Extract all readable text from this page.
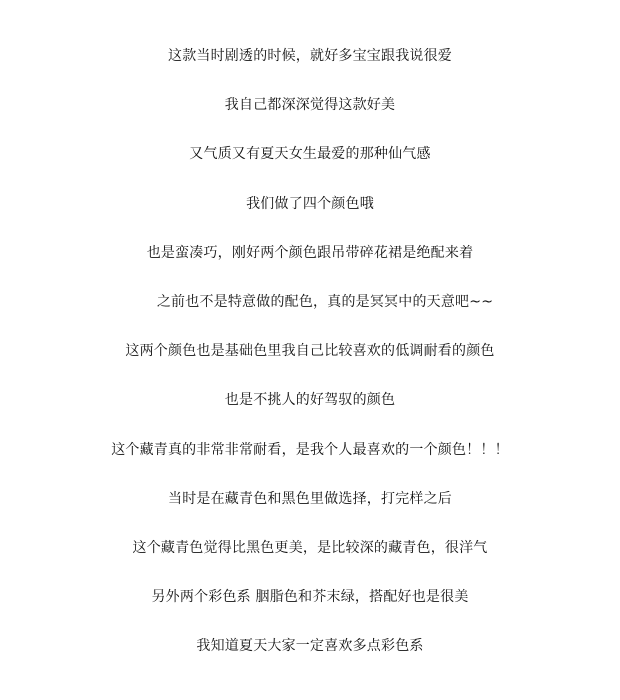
这款当时剧透的时候，就好多宝宝跟我说很爱
我自己都深深觉得这款好美
又气质又有夏天女生最爱的那种仙气感
我们做了四个颜色哦
也是蛮凑巧，刚好两个颜色跟吊带碎花裙是绝配来着
之前也不是特意做的配色，真的是冥冥中的天意吧~~
这两个颜色也是基础色里我自己比较喜欢的低调耐看的颜色
也是不挑人的好驾驭的颜色
这个藏青真的非常非常耐看，是我个人最喜欢的一个颜色！！！
当时是在藏青色和黑色里做选择，打完样之后
这个藏青色觉得比黑色更美，是比较深的藏青色，很洋气
另外两个彩色系 胭脂色和芥末绿，搭配好也是很美
我知道夏天大家一定喜欢多点彩色系
